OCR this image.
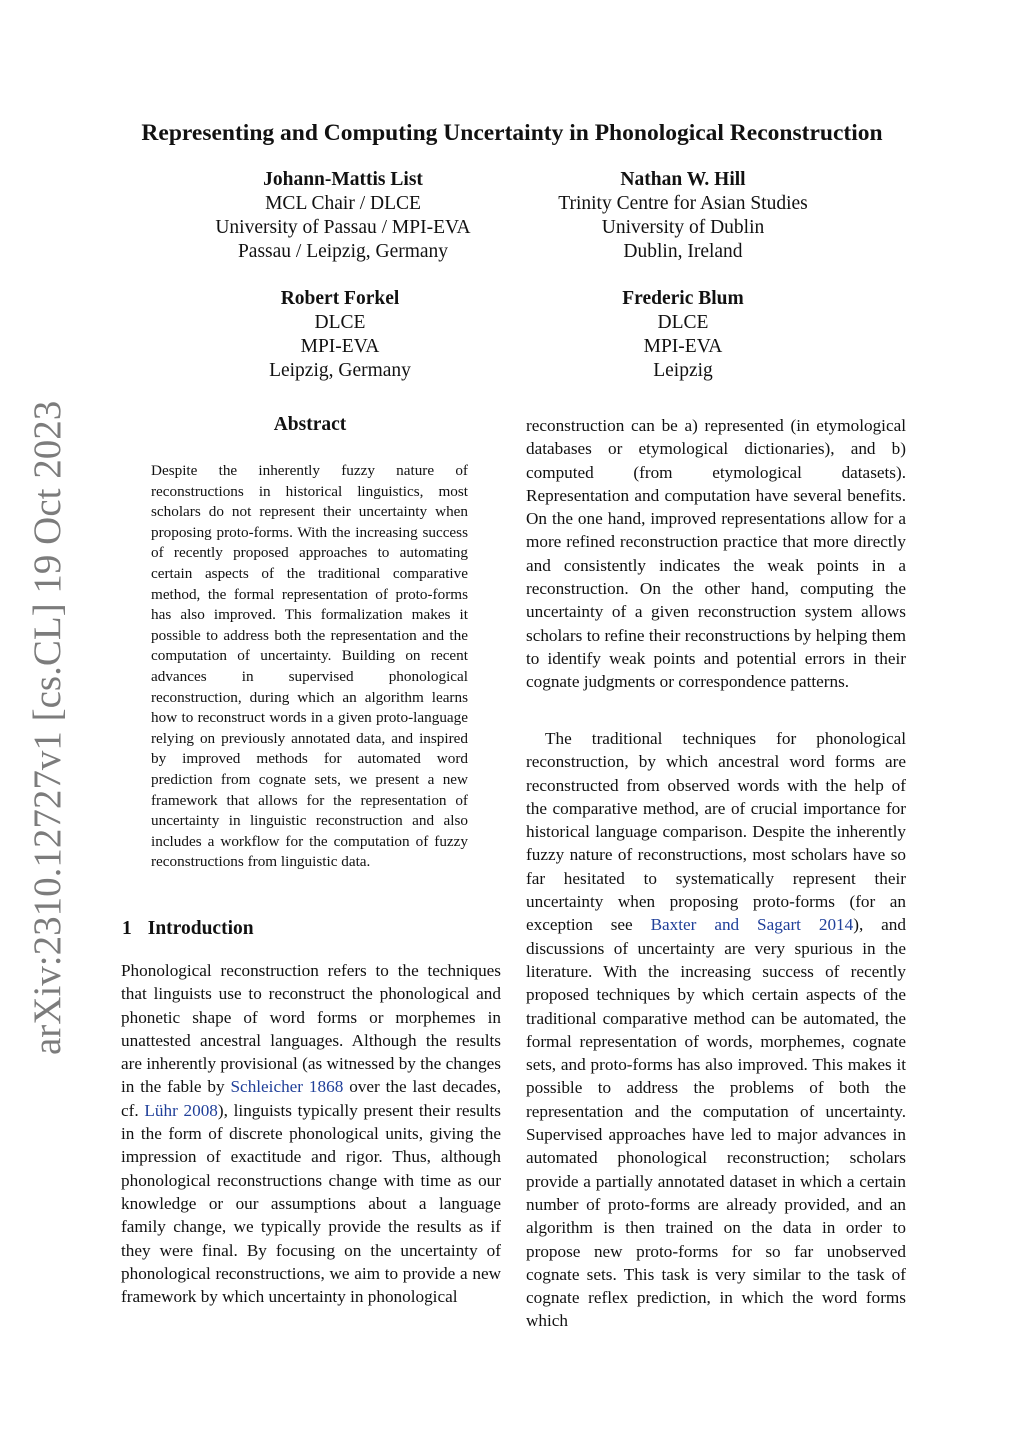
arXiv:2310.12727v1 [cs.CL] 19 Oct 2023
Representing and Computing Uncertainty in Phonological Reconstruction
Johann-Mattis List
MCL Chair / DLCE
University of Passau / MPI-EVA
Passau / Leipzig, Germany
Nathan W. Hill
Trinity Centre for Asian Studies
University of Dublin
Dublin, Ireland
Robert Forkel
DLCE
MPI-EVA
Leipzig, Germany
Frederic Blum
DLCE
MPI-EVA
Leipzig
Abstract

Despite the inherently fuzzy nature of reconstructions in historical linguistics, most scholars do not represent their uncertainty when proposing proto-forms. With the increasing success of recently proposed approaches to automating certain aspects of the traditional comparative method, the formal representation of proto-forms has also improved. This formalization makes it possible to address both the representation and the computation of uncertainty. Building on recent advances in supervised phonological reconstruction, during which an algorithm learns how to reconstruct words in a given proto-language relying on previously annotated data, and inspired by improved methods for automated word prediction from cognate sets, we present a new framework that allows for the representation of uncertainty in linguistic reconstruction and also includes a workflow for the computation of fuzzy reconstructions from linguistic data.

1 Introduction

Phonological reconstruction refers to the techniques that linguists use to reconstruct the phonological and phonetic shape of word forms or morphemes in unattested ancestral languages. Although the results are inherently provisional (as witnessed by the changes in the fable by Schleicher 1868 over the last decades, cf. Lühr 2008), linguists typically present their results in the form of discrete phonological units, giving the impression of exactitude and rigor. Thus, although phonological reconstructions change with time as our knowledge or our assumptions about a language family change, we typically provide the results as if they were final. By focusing on the uncertainty of phonological reconstructions, we aim to provide a new framework by which uncertainty in phonological

reconstruction can be a) represented (in etymological databases or etymological dictionaries), and b) computed (from etymological datasets). Representation and computation have several benefits. On the one hand, improved representations allow for a more refined reconstruction practice that more directly and consistently indicates the weak points in a reconstruction. On the other hand, computing the uncertainty of a given reconstruction system allows scholars to refine their reconstructions by helping them to identify weak points and potential errors in their cognate judgments or correspondence patterns.

The traditional techniques for phonological reconstruction, by which ancestral word forms are reconstructed from observed words with the help of the comparative method, are of crucial importance for historical language comparison. Despite the inherently fuzzy nature of reconstructions, most scholars have so far hesitated to systematically represent their uncertainty when proposing proto-forms (for an exception see Baxter and Sagart 2014), and discussions of uncertainty are very spurious in the literature. With the increasing success of recently proposed techniques by which certain aspects of the traditional comparative method can be automated, the formal representation of words, morphemes, cognate sets, and proto-forms has also improved. This makes it possible to address the problems of both the representation and the computation of uncertainty. Supervised approaches have led to major advances in automated phonological reconstruction; scholars provide a partially annotated dataset in which a certain number of proto-forms are already provided, and an algorithm is then trained on the data in order to propose new proto-forms for so far unobserved cognate sets. This task is very similar to the task of cognate reflex prediction, in which the word forms which
